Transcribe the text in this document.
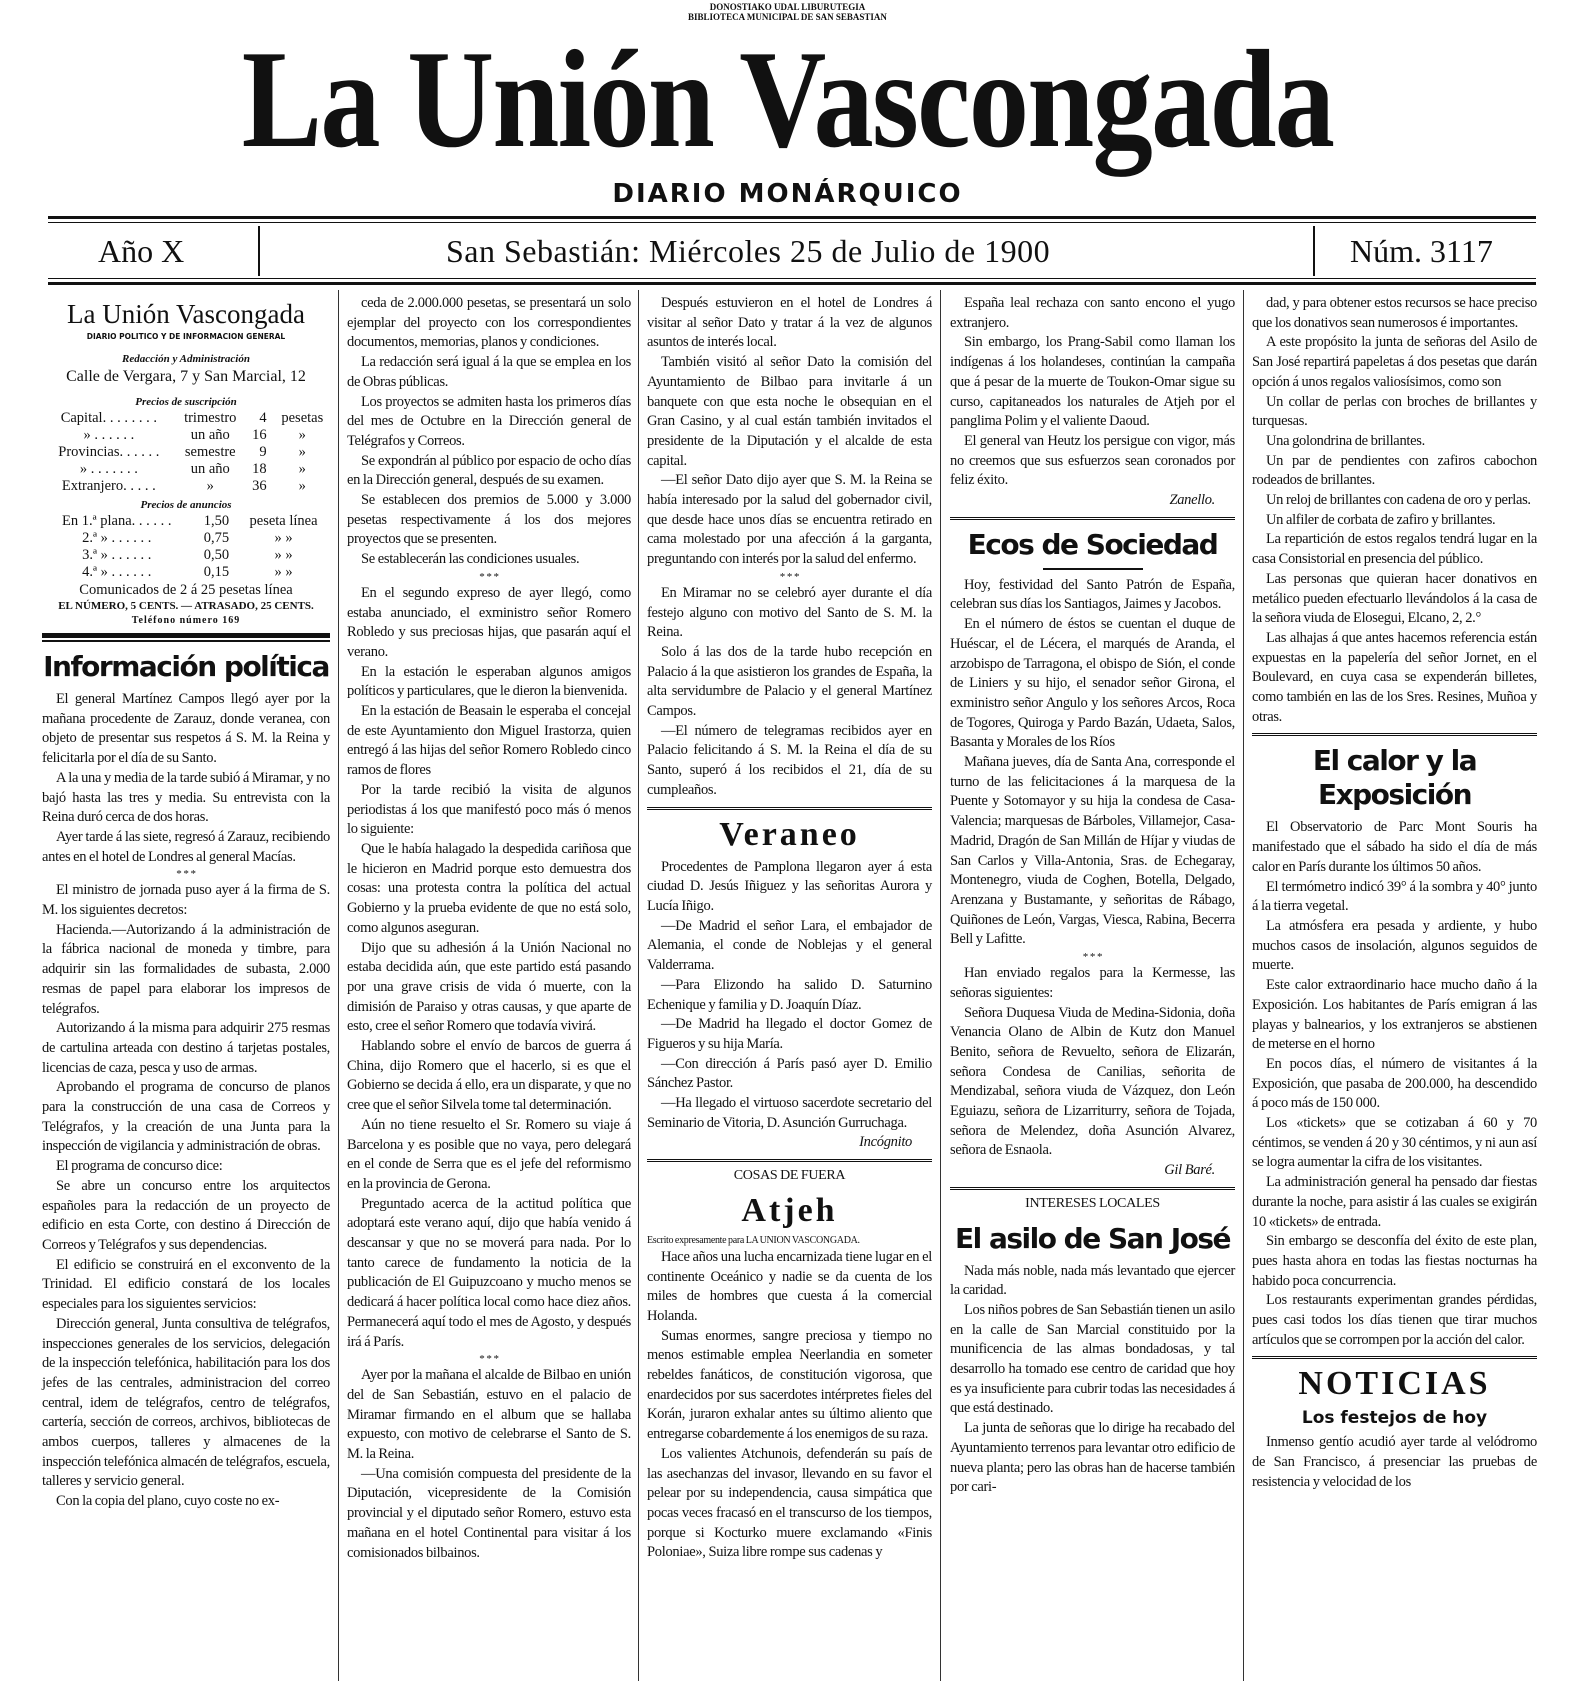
DONOSTIAKO UDAL LIBURUTEGIA
BIBLIOTECA MUNICIPAL DE SAN SEBASTIAN
La Unión Vascongada
DIARIO MONÁRQUICO
Año X	San Sebastián: Miércoles 25 de Julio de 1900	Núm. 3117
La Unión Vascongada
DIARIO POLITICO Y DE INFORMACION GENERAL
Redacción y Administración
Calle de Vergara, 7 y San Marcial, 12
Precios de suscripción
Capital. . . . . . . .	trimestro	4	pesetas
» . . . . . .	un año	16	»
Provincias. . . . . .	semestre	9	»
» . . . . . . .	un año	18	»
Extranjero. . . . .	»	36	»
Precios de anuncios
En 1.ª plana. . . . . .	1,50	peseta línea
2.ª » . . . . . .	0,75	» »
3.ª » . . . . . .	0,50	» »
4.ª » . . . . . .	0,15	» »
Comunicados de 2 á 25 pesetas línea
EL NÚMERO, 5 CENTS. — ATRASADO, 25 CENTS.
Teléfono número 169
Información política

El general Martínez Campos llegó ayer por la mañana procedente de Zarauz, donde veranea, con objeto de presentar sus respetos á S. M. la Reina y felicitarla por el día de su Santo.

A la una y media de la tarde subió á Miramar, y no bajó hasta las tres y media. Su entrevista con la Reina duró cerca de dos horas.

Ayer tarde á las siete, regresó á Zarauz, recibiendo antes en el hotel de Londres al general Macías.

* * *

El ministro de jornada puso ayer á la firma de S. M. los siguientes decretos:

Hacienda.—Autorizando á la administración de la fábrica nacional de moneda y timbre, para adquirir sin las formalidades de subasta, 2.000 resmas de papel para elaborar los impresos de telégrafos.

Autorizando á la misma para adquirir 275 resmas de cartulina arteada con destino á tarjetas postales, licencias de caza, pesca y uso de armas.

Aprobando el programa de concurso de planos para la construcción de una casa de Correos y Telégrafos, y la creación de una Junta para la inspección de vigilancia y administración de obras.

El programa de concurso dice:

Se abre un concurso entre los arquitectos españoles para la redacción de un proyecto de edificio en esta Corte, con destino á Dirección de Correos y Telégrafos y sus dependencias.

El edificio se construirá en el exconvento de la Trinidad. El edificio constará de los locales especiales para los siguientes servicios:

Dirección general, Junta consultiva de telégrafos, inspecciones generales de los servicios, delegación de la inspección telefónica, habilitación para los dos jefes de las centrales, administracion del correo central, idem de telégrafos, centro de telégrafos, cartería, sección de correos, archivos, bibliotecas de ambos cuerpos, talleres y almacenes de la inspección telefónica almacén de telégrafos, escuela, talleres y servicio general.

Con la copia del plano, cuyo coste no ex-

ceda de 2.000.000 pesetas, se presentará un solo ejemplar del proyecto con los correspondientes documentos, memorias, planos y condiciones.

La redacción será igual á la que se emplea en los de Obras públicas.

Los proyectos se admiten hasta los primeros días del mes de Octubre en la Dirección general de Telégrafos y Correos.

Se expondrán al público por espacio de ocho días en la Dirección general, después de su examen.

Se establecen dos premios de 5.000 y 3.000 pesetas respectivamente á los dos mejores proyectos que se presenten.

Se establecerán las condiciones usuales.

* * *

En el segundo expreso de ayer llegó, como estaba anunciado, el exministro señor Romero Robledo y sus preciosas hijas, que pasarán aquí el verano.

En la estación le esperaban algunos amigos políticos y particulares, que le dieron la bienvenida.

En la estación de Beasain le esperaba el concejal de este Ayuntamiento don Miguel Irastorza, quien entregó á las hijas del señor Romero Robledo cinco ramos de flores

Por la tarde recibió la visita de algunos periodistas á los que manifestó poco más ó menos lo siguiente:

Que le había halagado la despedida cariñosa que le hicieron en Madrid porque esto demuestra dos cosas: una protesta contra la política del actual Gobierno y la prueba evidente de que no está solo, como algunos aseguran.

Dijo que su adhesión á la Unión Nacional no estaba decidida aún, que este partido está pasando por una grave crisis de vida ó muerte, con la dimisión de Paraiso y otras causas, y que aparte de esto, cree el señor Romero que todavía vivirá.

Hablando sobre el envío de barcos de guerra á China, dijo Romero que el hacerlo, si es que el Gobierno se decida á ello, era un disparate, y que no cree que el señor Silvela tome tal determinación.

Aún no tiene resuelto el Sr. Romero su viaje á Barcelona y es posible que no vaya, pero delegará en el conde de Serra que es el jefe del reformismo en la provincia de Gerona.

Preguntado acerca de la actitud política que adoptará este verano aquí, dijo que había venido á descansar y que no se moverá para nada. Por lo tanto carece de fundamento la noticia de la publicación de El Guipuzcoano y mucho menos se dedicará á hacer política local como hace diez años. Permanecerá aquí todo el mes de Agosto, y después irá á París.

* * *

Ayer por la mañana el alcalde de Bilbao en unión del de San Sebastián, estuvo en el palacio de Miramar firmando en el album que se hallaba expuesto, con motivo de celebrarse el Santo de S. M. la Reina.

—Una comisión compuesta del presidente de la Diputación, vicepresidente de la Comisión provincial y el diputado señor Romero, estuvo esta mañana en el hotel Continental para visitar á los comisionados bilbainos.

Después estuvieron en el hotel de Londres á visitar al señor Dato y tratar á la vez de algunos asuntos de interés local.

También visitó al señor Dato la comisión del Ayuntamiento de Bilbao para invitarle á un banquete con que esta noche le obsequian en el Gran Casino, y al cual están también invitados el presidente de la Diputación y el alcalde de esta capital.

—El señor Dato dijo ayer que S. M. la Reina se había interesado por la salud del gobernador civil, que desde hace unos días se encuentra retirado en cama molestado por una afección á la garganta, preguntando con interés por la salud del enfermo.

* * *

En Miramar no se celebró ayer durante el día festejo alguno con motivo del Santo de S. M. la Reina.

Solo á las dos de la tarde hubo recepción en Palacio á la que asistieron los grandes de España, la alta servidumbre de Palacio y el general Martínez Campos.

—El número de telegramas recibidos ayer en Palacio felicitando á S. M. la Reina el día de su Santo, superó á los recibidos el 21, día de su cumpleaños.

Veraneo

Procedentes de Pamplona llegaron ayer á esta ciudad D. Jesús Iñiguez y las señoritas Aurora y Lucía Iñigo.

—De Madrid el señor Lara, el embajador de Alemania, el conde de Noblejas y el general Valderrama.

—Para Elizondo ha salido D. Saturnino Echenique y familia y D. Joaquín Díaz.

—De Madrid ha llegado el doctor Gomez de Figueros y su hija María.

—Con dirección á París pasó ayer D. Emilio Sánchez Pastor.

—Ha llegado el virtuoso sacerdote secretario del Seminario de Vitoria, D. Asunción Gurruchaga.

Incógnito

COSAS DE FUERA
Atjeh

Escrito expresamente para LA UNION VASCONGADA.

Hace años una lucha encarnizada tiene lugar en el continente Oceánico y nadie se da cuenta de los miles de hombres que cuesta á la comercial Holanda.

Sumas enormes, sangre preciosa y tiempo no menos estimable emplea Neerlandia en someter rebeldes fanáticos, de constitución vigorosa, que enardecidos por sus sacerdotes intérpretes fieles del Korán, juraron exhalar antes su último aliento que entregarse cobardemente á los enemigos de su raza.

Los valientes Atchunois, defenderán su país de las asechanzas del invasor, llevando en su favor el pelear por su independencia, causa simpática que pocas veces fracasó en el transcurso de los tiempos, porque si Kocturko muere exclamando «Finis Poloniae», Suiza libre rompe sus cadenas y

España leal rechaza con santo encono el yugo extranjero.

Sin embargo, los Prang-Sabil como llaman los indígenas á los holandeses, continúan la campaña que á pesar de la muerte de Toukon-Omar sigue su curso, capitaneados los naturales de Atjeh por el panglima Polim y el valiente Daoud.

El general van Heutz los persigue con vigor, más no creemos que sus esfuerzos sean coronados por feliz éxito.

Zanello.

Ecos de Sociedad

Hoy, festividad del Santo Patrón de España, celebran sus días los Santiagos, Jaimes y Jacobos.

En el número de éstos se cuentan el duque de Huéscar, el de Lécera, el marqués de Aranda, el arzobispo de Tarragona, el obispo de Sión, el conde de Liniers y su hijo, el senador señor Girona, el exministro señor Angulo y los señores Arcos, Roca de Togores, Quiroga y Pardo Bazán, Udaeta, Salos, Basanta y Morales de los Ríos

Mañana jueves, día de Santa Ana, corresponde el turno de las felicitaciones á la marquesa de la Puente y Sotomayor y su hija la condesa de Casa-Valencia; marquesas de Bárboles, Villamejor, Casa-Madrid, Dragón de San Millán de Híjar y viudas de San Carlos y Villa-Antonia, Sras. de Echegaray, Montenegro, viuda de Coghen, Botella, Delgado, Arenzana y Bustamante, y señoritas de Rábago, Quiñones de León, Vargas, Viesca, Rabina, Becerra Bell y Lafitte.

* * *

Han enviado regalos para la Kermesse, las señoras siguientes:

Señora Duquesa Viuda de Medina-Sidonia, doña Venancia Olano de Albin de Kutz don Manuel Benito, señora de Revuelto, señora de Elizarán, señora Condesa de Canilias, señorita de Mendizabal, señora viuda de Vázquez, don León Eguiazu, señora de Lizarriturry, señora de Tojada, señora de Melendez, doña Asunción Alvarez, señora de Esnaola.

Gil Baré.

INTERESES LOCALES
El asilo de San José

Nada más noble, nada más levantado que ejercer la caridad.

Los niños pobres de San Sebastián tienen un asilo en la calle de San Marcial constituido por la munificencia de las almas bondadosas, y tal desarrollo ha tomado ese centro de caridad que hoy es ya insuficiente para cubrir todas las necesidades á que está destinado.

La junta de señoras que lo dirige ha recabado del Ayuntamiento terrenos para levantar otro edificio de nueva planta; pero las obras han de hacerse también por cari-

dad, y para obtener estos recursos se hace preciso que los donativos sean numerosos é importantes.

A este propósito la junta de señoras del Asilo de San José repartirá papeletas á dos pesetas que darán opción á unos regalos valiosísimos, como son

Un collar de perlas con broches de brillantes y turquesas.

Una golondrina de brillantes.

Un par de pendientes con zafiros cabochon rodeados de brillantes.

Un reloj de brillantes con cadena de oro y perlas.

Un alfiler de corbata de zafiro y brillantes.

La repartición de estos regalos tendrá lugar en la casa Consistorial en presencia del público.

Las personas que quieran hacer donativos en metálico pueden efectuarlo llevándolos á la casa de la señora viuda de Elosegui, Elcano, 2, 2.°

Las alhajas á que antes hacemos referencia están expuestas en la papelería del señor Jornet, en el Boulevard, en cuya casa se expenderán billetes, como también en las de los Sres. Resines, Muñoa y otras.

El calor y la Exposición

El Observatorio de Parc Mont Souris ha manifestado que el sábado ha sido el día de más calor en París durante los últimos 50 años.

El termómetro indicó 39° á la sombra y 40° junto á la tierra vegetal.

La atmósfera era pesada y ardiente, y hubo muchos casos de insolación, algunos seguidos de muerte.

Este calor extraordinario hace mucho daño á la Exposición. Los habitantes de París emigran á las playas y balnearios, y los extranjeros se abstienen de meterse en el horno

En pocos días, el número de visitantes á la Exposición, que pasaba de 200.000, ha descendido á poco más de 150 000.

Los «tickets» que se cotizaban á 60 y 70 céntimos, se venden á 20 y 30 céntimos, y ni aun así se logra aumentar la cifra de los visitantes.

La administración general ha pensado dar fiestas durante la noche, para asistir á las cuales se exigirán 10 «tickets» de entrada.

Sin embargo se desconfía del éxito de este plan, pues hasta ahora en todas las fiestas nocturnas ha habido poca concurrencia.

Los restaurants experimentan grandes pérdidas, pues casi todos los días tienen que tirar muchos artículos que se corrompen por la acción del calor.

NOTICIAS
Los festejos de hoy

Inmenso gentío acudió ayer tarde al velódromo de San Francisco, á presenciar las pruebas de resistencia y velocidad de los
